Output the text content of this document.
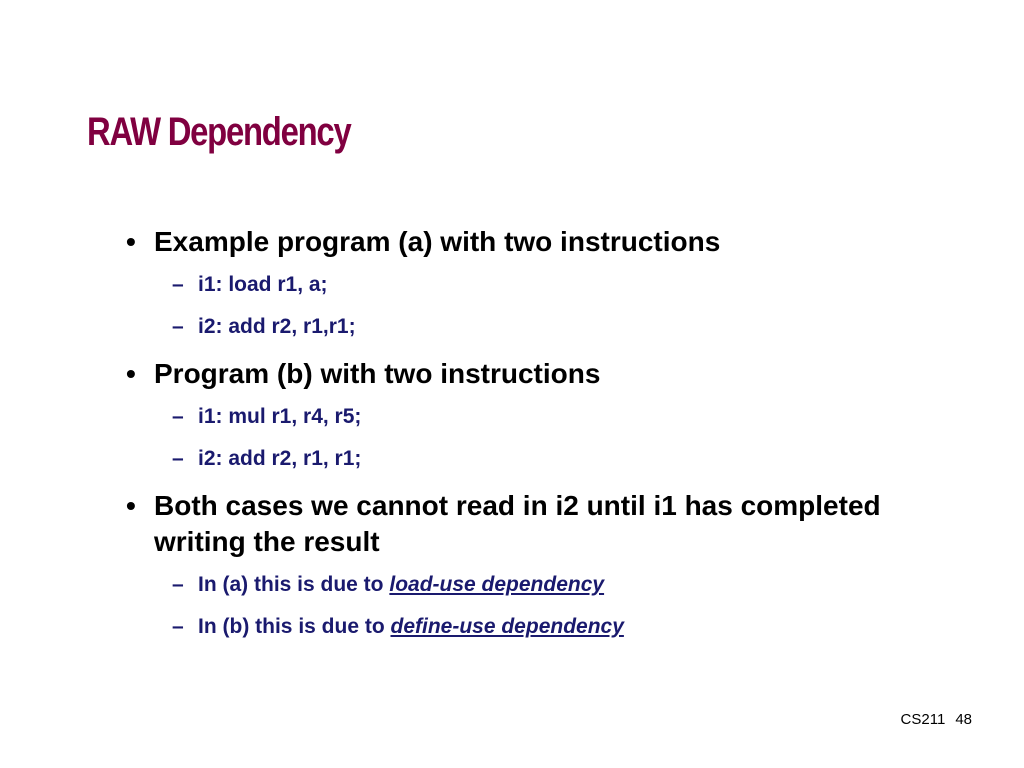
RAW Dependency
• Example program (a) with two instructions
– i1: load r1, a;
– i2: add r2, r1,r1;
• Program (b) with two instructions
– i1: mul r1, r4, r5;
– i2: add r2, r1, r1;
• Both cases we cannot read in i2 until i1 has completed writing the result
– In (a) this is due to load-use dependency
– In (b) this is due to define-use dependency
CS211 48
